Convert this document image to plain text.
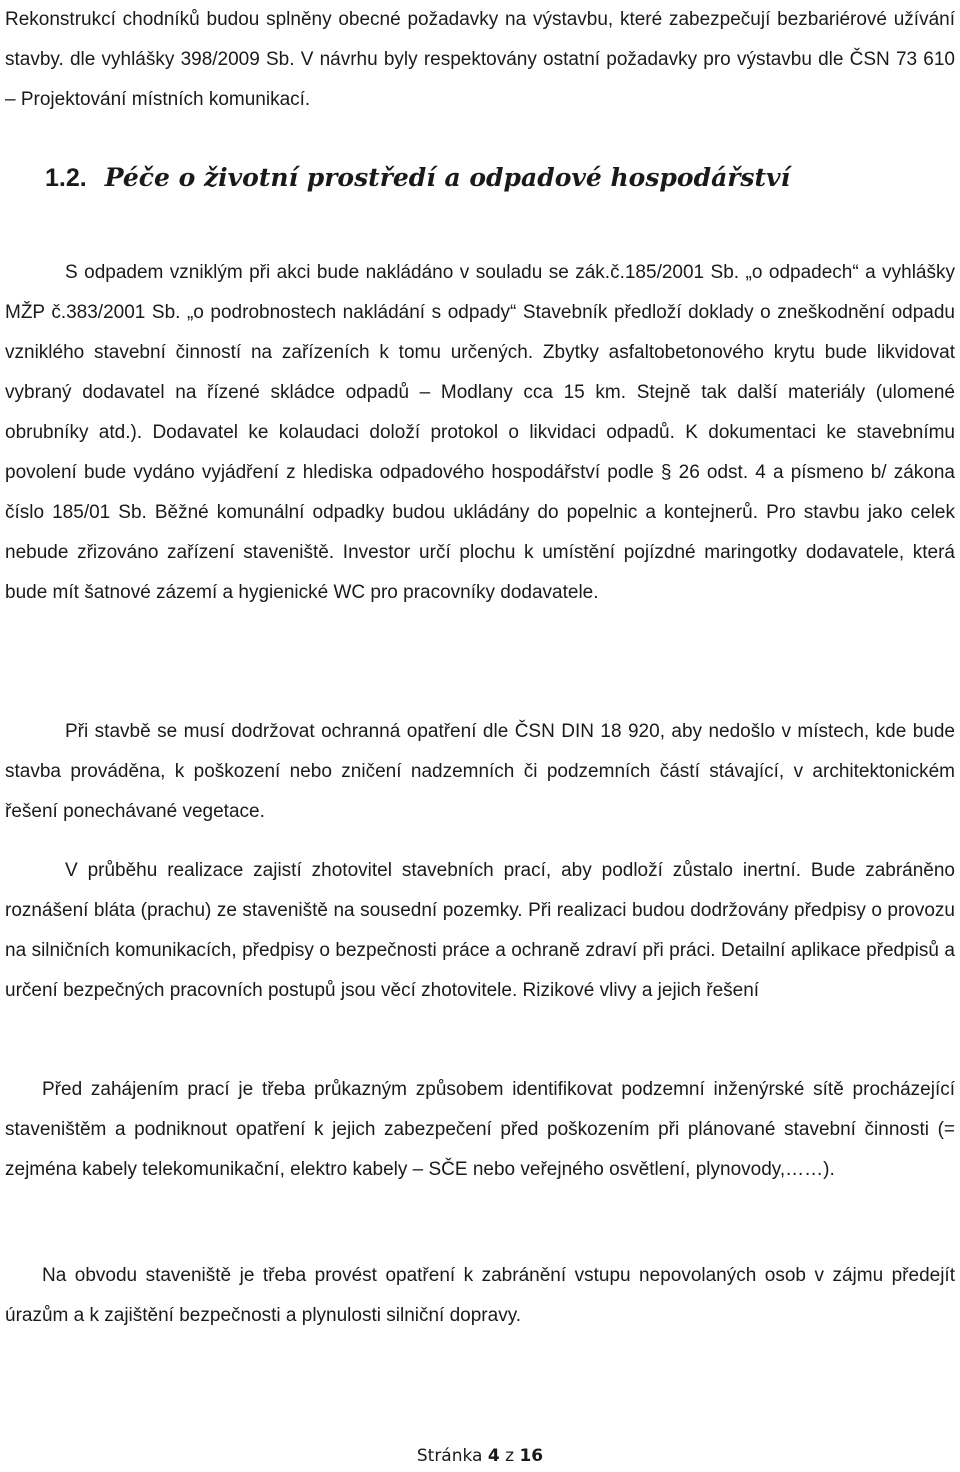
Rekonstrukcí chodníků budou splněny obecné požadavky na výstavbu, které zabezpečují bezbariérové užívání stavby. dle vyhlášky 398/2009 Sb. V návrhu byly respektovány ostatní požadavky pro výstavbu dle ČSN 73 610 – Projektování místních komunikací.

1.2. Péče o životní prostředí a odpadové hospodářství

S odpadem vzniklým při akci bude nakládáno v souladu se zák.č.185/2001 Sb. „o odpadech“ a vyhlášky MŽP č.383/2001 Sb. „o podrobnostech nakládání s odpady“ Stavebník předloží doklady o zneškodnění odpadu vzniklého stavební činností na zařízeních k tomu určených. Zbytky asfaltobetonového krytu bude likvidovat vybraný dodavatel na řízené skládce odpadů – Modlany cca 15 km. Stejně tak další materiály (ulomené obrubníky atd.). Dodavatel ke kolaudaci doloží protokol o likvidaci odpadů. K dokumentaci ke stavebnímu povolení bude vydáno vyjádření z hlediska odpadového hospodářství podle § 26 odst. 4 a písmeno b/ zákona číslo 185/01 Sb. Běžné komunální odpadky budou ukládány do popelnic a kontejnerů. Pro stavbu jako celek nebude zřizováno zařízení staveniště. Investor určí plochu k umístění pojízdné maringotky dodavatele, která bude mít šatnové zázemí a hygienické WC pro pracovníky dodavatele.

Při stavbě se musí dodržovat ochranná opatření dle ČSN DIN 18 920, aby nedošlo v místech, kde bude stavba prováděna, k poškození nebo zničení nadzemních či podzemních částí stávající, v architektonickém řešení ponechávané vegetace.

V průběhu realizace zajistí zhotovitel stavebních prací, aby podloží zůstalo inertní. Bude zabráněno roznášení bláta (prachu) ze staveniště na sousední pozemky. Při realizaci budou dodržovány předpisy o provozu na silničních komunikacích, předpisy o bezpečnosti práce a ochraně zdraví při práci. Detailní aplikace předpisů a určení bezpečných pracovních postupů jsou věcí zhotovitele. Rizikové vlivy a jejich řešení

Před zahájením prací je třeba průkazným způsobem identifikovat podzemní inženýrské sítě procházející staveništěm a podniknout opatření k jejich zabezpečení před poškozením při plánované stavební činnosti (= zejména kabely telekomunikační, elektro kabely – SČE nebo veřejného osvětlení, plynovody,……).

Na obvodu staveniště je třeba provést opatření k zabránění vstupu nepovolaných osob v zájmu předejít úrazům a k zajištění bezpečnosti a plynulosti silniční dopravy.

Stránka 4 z 16
